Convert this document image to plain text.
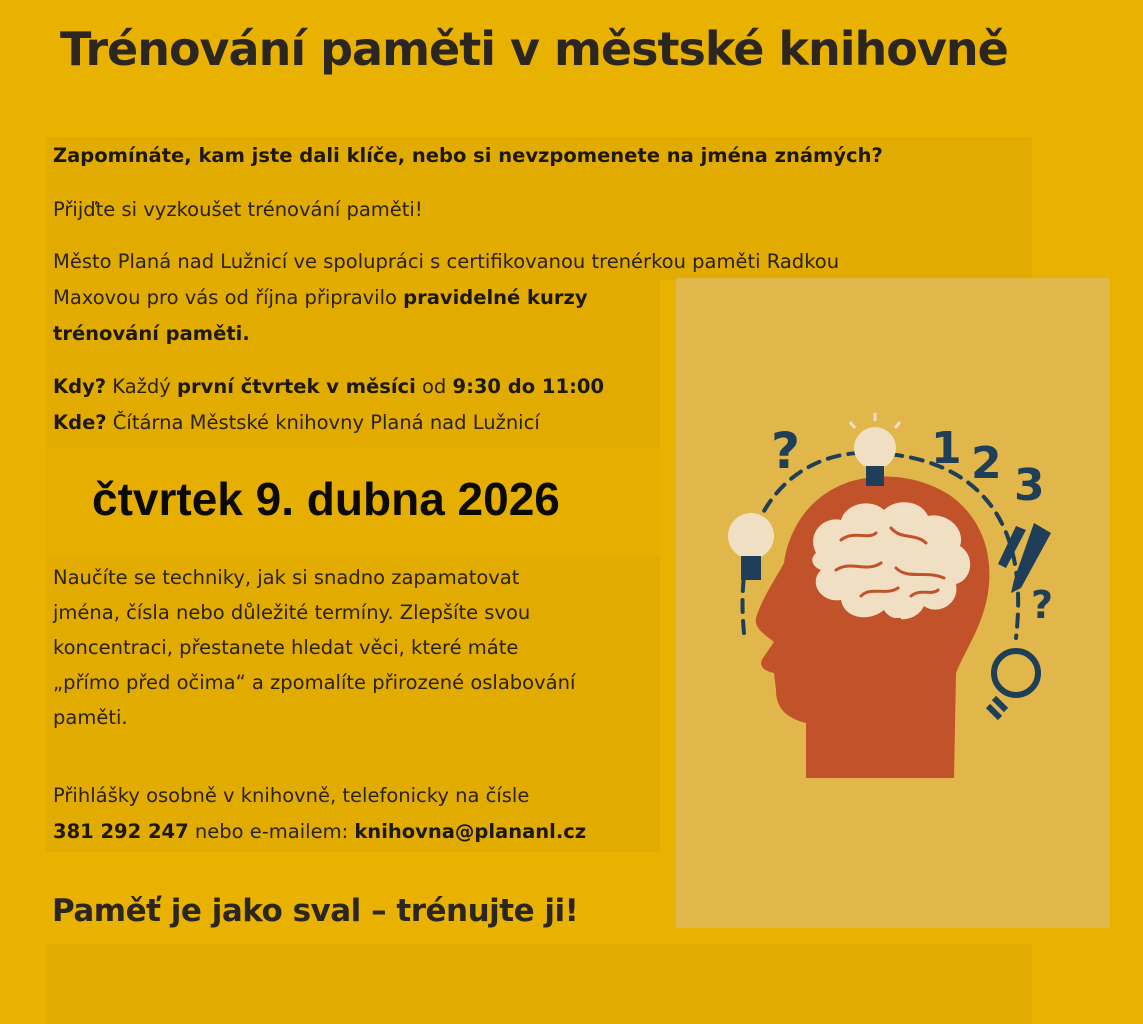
Trénování paměti v městské knihovně
Zapomínáte, kam jste dali klíče, nebo si nevzpomenete na jména známých?
Přijďte si vyzkoušet trénování paměti!
Město Planá nad Lužnicí ve spolupráci s certifikovanou trenérkou paměti Radkou
Maxovou pro vás od října připravilo pravidelné kurzy
trénování paměti.
Kdy? Každý první čtvrtek v měsíci od 9:30 do 11:00
Kde? Čítárna Městské knihovny Planá nad Lužnicí
čtvrtek 9. dubna 2026
Naučíte se techniky, jak si snadno zapamatovat
jména, čísla nebo důležité termíny. Zlepšíte svou
koncentraci, přestanete hledat věci, které máte
„přímo před očima“ a zpomalíte přirozené oslabování
paměti.
Přihlášky osobně v knihovně, telefonicky na čísle
381 292 247 nebo e-mailem: knihovna@plananl.cz
Paměť je jako sval – trénujte ji!
?
?
1 2 3
